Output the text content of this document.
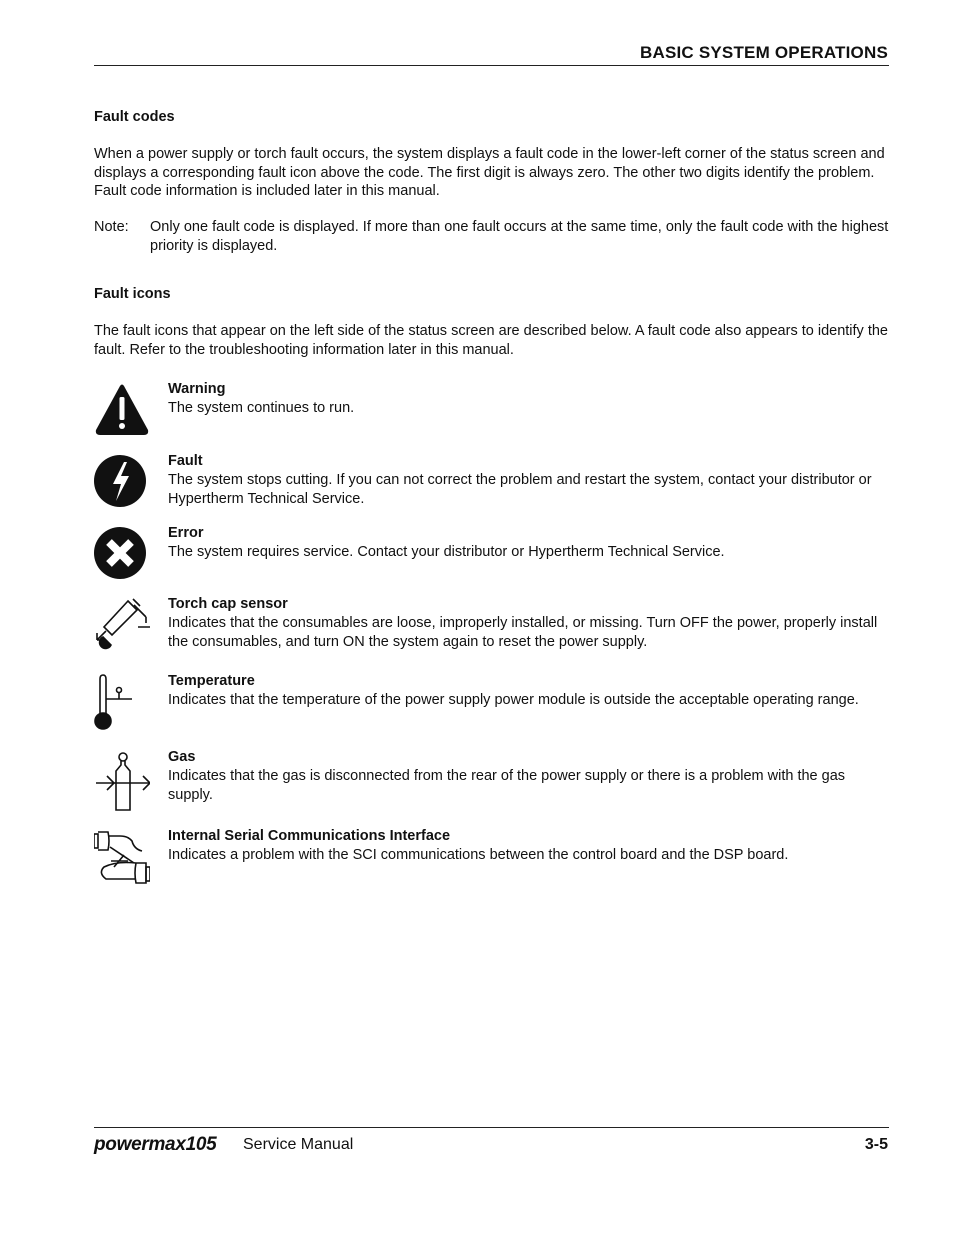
BASIC SYSTEM OPERATIONS
Fault codes

When a power supply or torch fault occurs, the system displays a fault code in the lower-left corner of the status screen and displays a corresponding fault icon above the code. The first digit is always zero. The other two digits identify the problem. Fault code information is included later in this manual.

Note: Only one fault code is displayed. If more than one fault occurs at the same time, only the fault code with the highest priority is displayed.

Fault icons

The fault icons that appear on the left side of the status screen are described below. A fault code also appears to identify the fault. Refer to the troubleshooting information later in this manual.

Warning

The system continues to run.

Fault

The system stops cutting. If you can not correct the problem and restart the system, contact your distributor or Hypertherm Technical Service.

Error

The system requires service. Contact your distributor or Hypertherm Technical Service.

Torch cap sensor

Indicates that the consumables are loose, improperly installed, or missing. Turn OFF the power, properly install the consumables, and turn ON the system again to reset the power supply.

Temperature

Indicates that the temperature of the power supply power module is outside the acceptable operating range.

Gas

Indicates that the gas is disconnected from the rear of the power supply or there is a problem with the gas supply.

Internal Serial Communications Interface

Indicates a problem with the SCI communications between the control board and the DSP board.

powermax105 Service Manual	3-5
